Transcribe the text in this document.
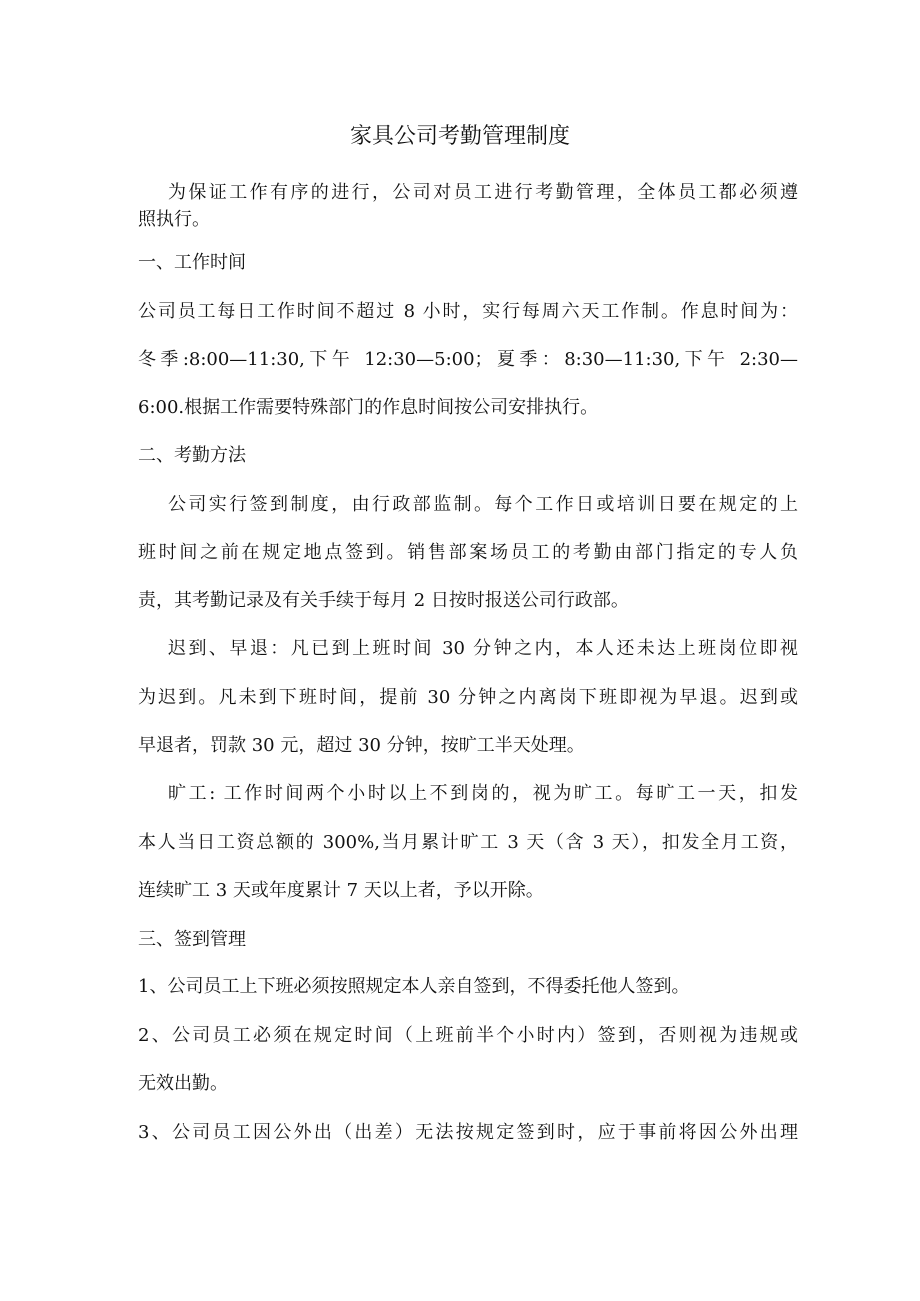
家具公司考勤管理制度
为保证工作有序的进行，公司对员工进行考勤管理，全体员工都必须遵
照执行。
一、工作时间
公司员工每日工作时间不超过 8 小时，实行每周六天工作制。作息时间为：
冬季:8:00—11:30,下午 12:30—5:00；夏季：8:30—11:30,下午 2:30—
6:00.根据工作需要特殊部门的作息时间按公司安排执行。
二、考勤方法
公司实行签到制度，由行政部监制。每个工作日或培训日要在规定的上
班时间之前在规定地点签到。销售部案场员工的考勤由部门指定的专人负
责，其考勤记录及有关手续于每月 2 日按时报送公司行政部。
迟到、早退：凡已到上班时间 30 分钟之内，本人还未达上班岗位即视
为迟到。凡未到下班时间，提前 30 分钟之内离岗下班即视为早退。迟到或
早退者，罚款 30 元，超过 30 分钟，按旷工半天处理。
旷工: 工作时间两个小时以上不到岗的，视为旷工。每旷工一天，扣发
本人当日工资总额的 300%,当月累计旷工 3 天（含 3 天），扣发全月工资，
连续旷工 3 天或年度累计 7 天以上者，予以开除。
三、签到管理
1、公司员工上下班必须按照规定本人亲自签到，不得委托他人签到。
2、公司员工必须在规定时间（上班前半个小时内）签到，否则视为违规或
无效出勤。
3、公司员工因公外出（出差）无法按规定签到时，应于事前将因公外出理
